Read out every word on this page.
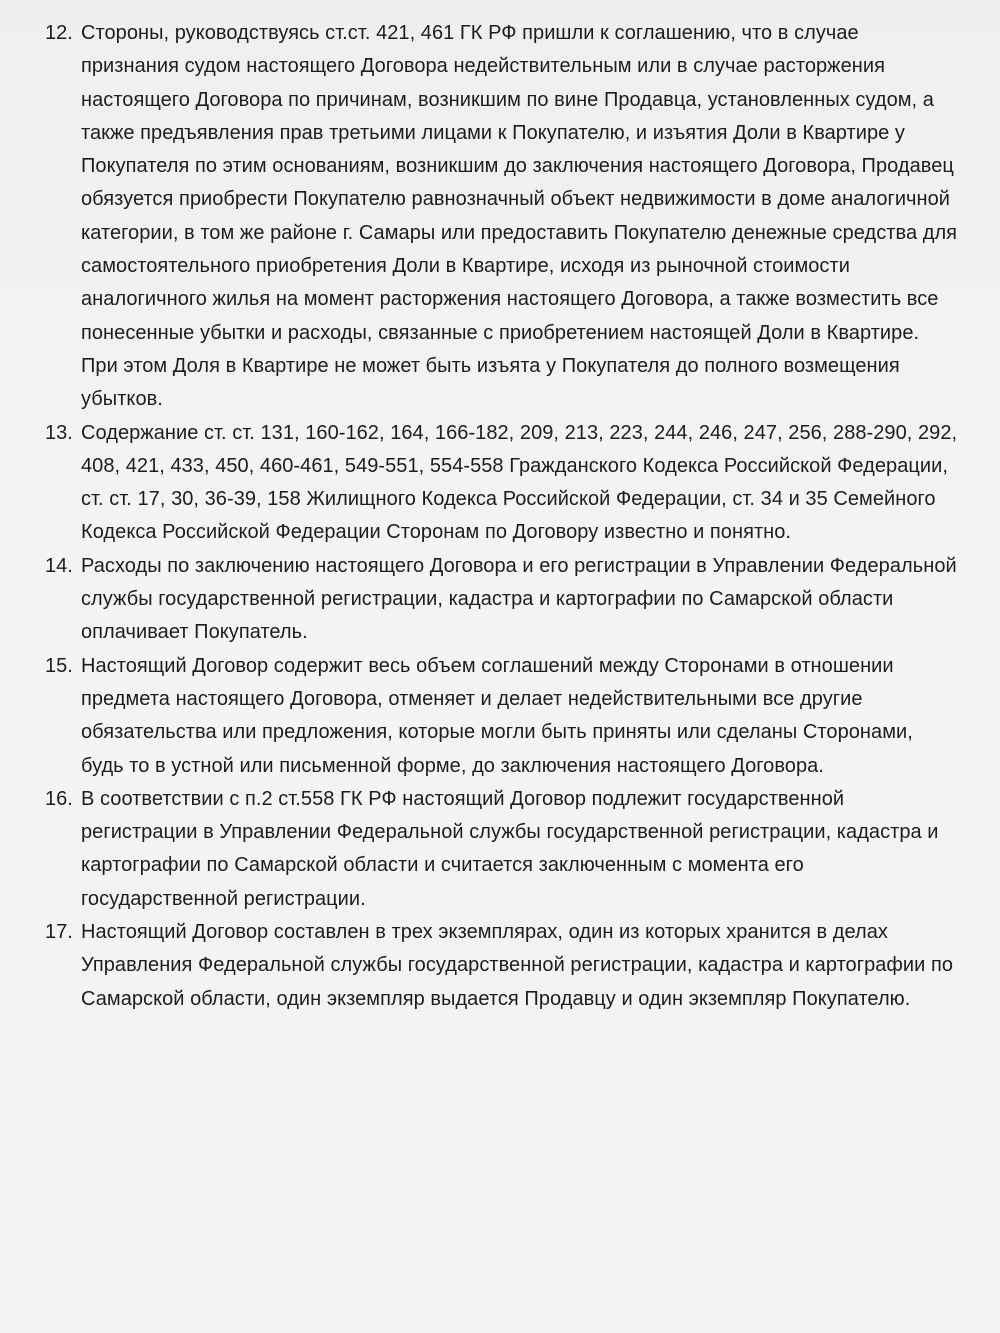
12. Стороны, руководствуясь ст.ст. 421, 461 ГК РФ пришли к соглашению, что в случае признания судом настоящего Договора недействительным или в случае расторжения настоящего Договора по причинам, возникшим по вине Продавца, установленных судом, а также предъявления прав третьими лицами к Покупателю, и изъятия Доли в Квартире у Покупателя по этим основаниям, возникшим до заключения настоящего Договора, Продавец обязуется приобрести Покупателю равнозначный объект недвижимости в доме аналогичной категории, в том же районе г. Самары или предоставить Покупателю денежные средства для самостоятельного приобретения Доли в Квартире, исходя из рыночной стоимости аналогичного жилья на момент расторжения настоящего Договора, а также возместить все понесенные убытки и расходы, связанные с приобретением настоящей Доли в Квартире. При этом Доля в Квартире не может быть изъята у Покупателя до полного возмещения убытков.

13. Содержание ст. ст. 131, 160-162, 164, 166-182, 209, 213, 223, 244, 246, 247, 256, 288-290, 292, 408, 421, 433, 450, 460-461, 549-551, 554-558 Гражданского Кодекса Российской Федерации, ст. ст. 17, 30, 36-39, 158 Жилищного Кодекса Российской Федерации, ст. 34 и 35 Семейного Кодекса Российской Федерации Сторонам по Договору известно и понятно.

14. Расходы по заключению настоящего Договора и его регистрации в Управлении Федеральной службы государственной регистрации, кадастра и картографии по Самарской области оплачивает Покупатель.

15. Настоящий Договор содержит весь объем соглашений между Сторонами в отношении предмета настоящего Договора, отменяет и делает недействительными все другие обязательства или предложения, которые могли быть приняты или сделаны Сторонами, будь то в устной или письменной форме, до заключения настоящего Договора.

16. В соответствии с п.2 ст.558 ГК РФ настоящий Договор подлежит государственной регистрации в Управлении Федеральной службы государственной регистрации, кадастра и картографии по Самарской области и считается заключенным с момента его государственной регистрации.

17. Настоящий Договор составлен в трех экземплярах, один из которых хранится в делах Управления Федеральной службы государственной регистрации, кадастра и картографии по Самарской области, один экземпляр выдается Продавцу и один экземпляр Покупателю.
